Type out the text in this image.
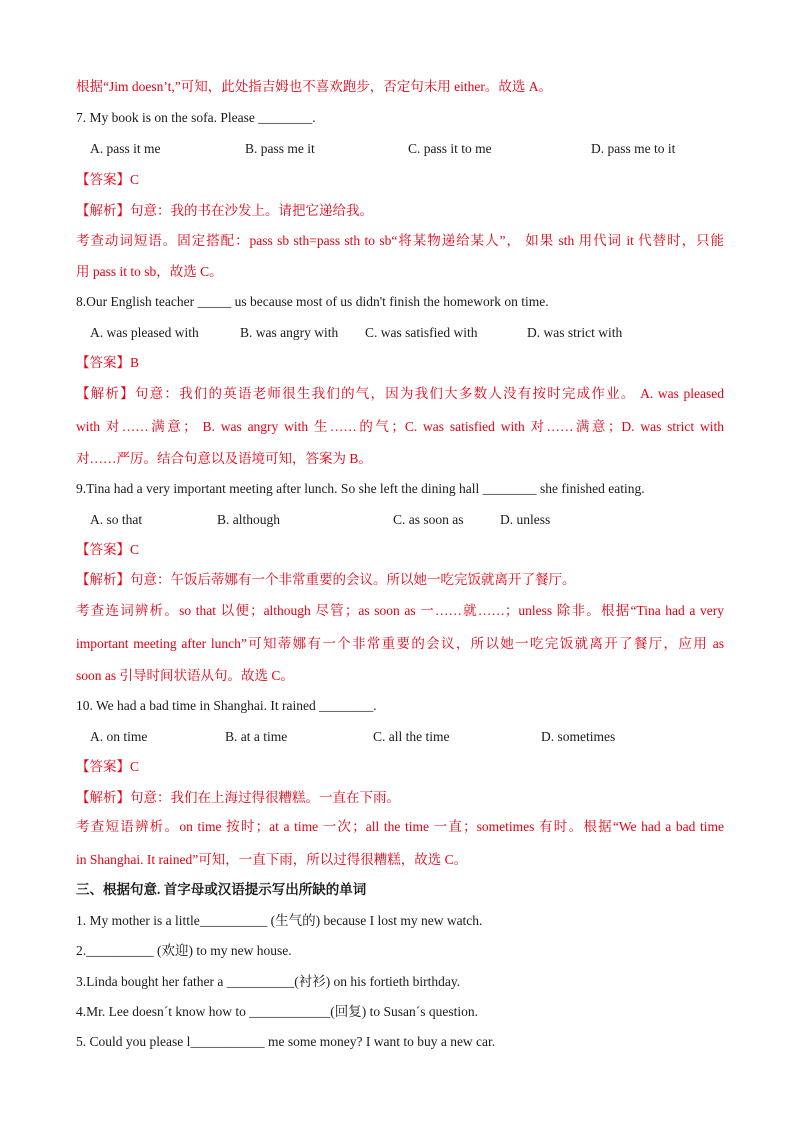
根据“Jim doesn’t,”可知，此处指吉姆也不喜欢跑步，否定句末用 either。故选 A。
7. My book is on the sofa. Please ________.
A. pass it me	B. pass me it	C. pass it to me	D. pass me to it
【答案】C
【解析】句意：我的书在沙发上。请把它递给我。
考查动词短语。固定搭配：pass sb sth=pass sth to sb“将某物递给某人”， 如果 sth 用代词 it 代替时，只能
用 pass it to sb，故选 C。
8.Our English teacher _____ us because most of us didn't finish the homework on time.
A. was pleased with	B. was angry with C. was satisfied with	D. was strict with
【答案】B
【解析】句意：我们的英语老师很生我们的气，因为我们大多数人没有按时完成作业。 A. was pleased
with 对……满意； B. was angry with 生……的气；C. was satisfied with 对……满意；D. was strict with
对……严厉。结合句意以及语境可知，答案为 B。
9.Tina had a very important meeting after lunch. So she left the dining hall ________ she finished eating.
A. so that	B. although	C. as soon as	D. unless
【答案】C
【解析】句意：午饭后蒂娜有一个非常重要的会议。所以她一吃完饭就离开了餐厅。
考查连词辨析。so that 以便；although 尽管；as soon as 一……就……；unless 除非。根据“Tina had a very
important meeting after lunch”可知蒂娜有一个非常重要的会议，所以她一吃完饭就离开了餐厅，应用 as
soon as 引导时间状语从句。故选 C。
10. We had a bad time in Shanghai. It rained ________.
A. on time	B. at a time	C. all the time	D. sometimes
【答案】C
【解析】句意：我们在上海过得很糟糕。一直在下雨。
考查短语辨析。on time 按时；at a time 一次；all the time 一直；sometimes 有时。根据“We had a bad time
in Shanghai. It rained”可知，一直下雨，所以过得很糟糕，故选 C。
三、根据句意. 首字母或汉语提示写出所缺的单词
1. My mother is a little__________ (生气的) because I lost my new watch.
2.__________ (欢迎) to my new house.
3.Linda bought her father a __________(衬衫) on his fortieth birthday.
4.Mr. Lee doesn´t know how to ____________(回复) to Susan´s question.
5. Could you please l___________ me some money? I want to buy a new car.
